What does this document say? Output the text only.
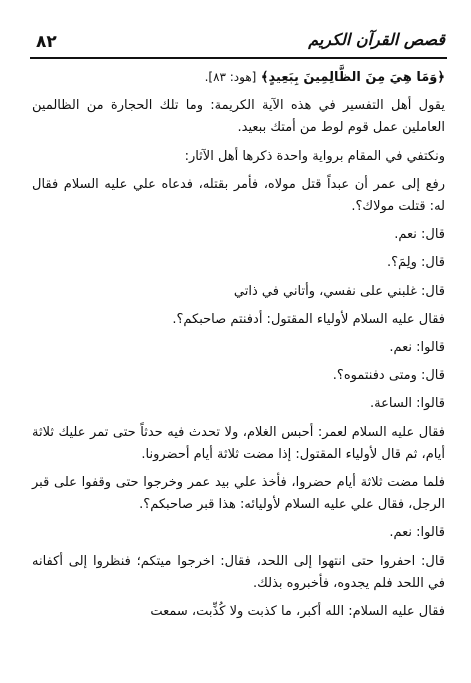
٨٢	قصص القرآن الكريم

﴿وَمَا هِيَ مِنَ الظَّالِمِينَ بِبَعِيدٍ﴾ [هود: ٨٣].

يقول أهل التفسير في هذه الآية الكريمة: وما تلك الحجارة من الظالمين العاملين عمل قوم لوط من أمتك ببعيد.

ونكتفي في المقام برواية واحدة ذكرها أهل الآثار:

رفع إلى عمر أن عبداً قتل مولاه، فأمر بقتله، فدعاه علي عليه السلام فقال له: قتلت مولاك؟.

قال: نعم.

قال: ولِمَ؟.

قال: غلبني على نفسي، وأتاني في ذاتي

فقال عليه السلام لأولياء المقتول: أدفنتم صاحبكم؟.

قالوا: نعم.

قال: ومتى دفنتموه؟.

قالوا: الساعة.

فقال عليه السلام لعمر: أحبس الغلام، ولا تحدث فيه حدثاً حتى تمر عليك ثلاثة أيام، ثم قال لأولياء المقتول: إذا مضت ثلاثة أيام أحضرونا.

فلما مضت ثلاثة أيام حضروا، فأخذ علي بيد عمر وخرجوا حتى وقفوا على قبر الرجل، فقال علي عليه السلام لأوليائه: هذا قبر صاحبكم؟.

قالوا: نعم.

قال: احفروا حتى انتهوا إلى اللحد، فقال: اخرجوا ميتكم؛ فنظروا إلى أكفانه في اللحد فلم يجدوه، فأخبروه بذلك.

فقال عليه السلام: الله أكبر، ما كذبت ولا كُذِّبت، سمعت
